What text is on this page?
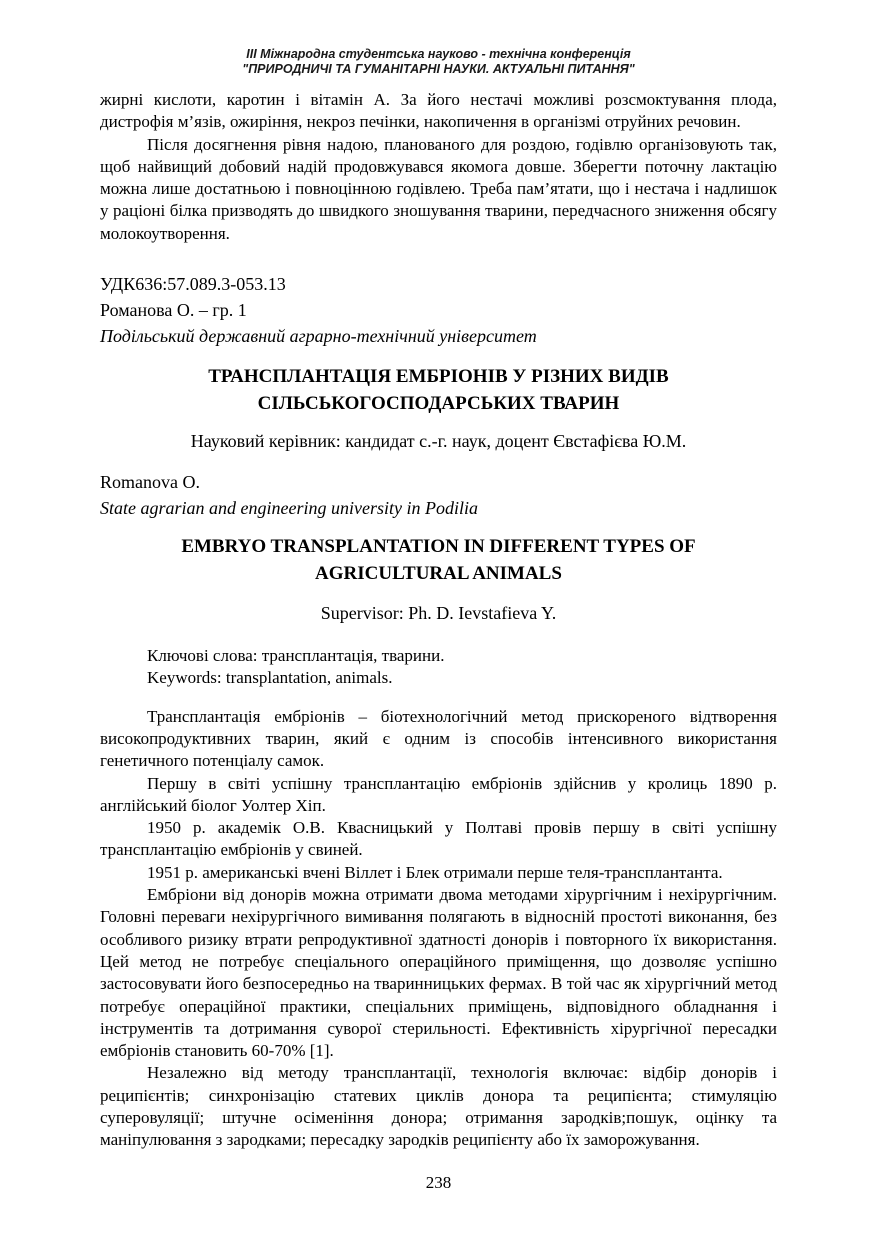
ІІІ Міжнародна студентська науково - технічна конференція
"ПРИРОДНИЧІ ТА ГУМАНІТАРНІ НАУКИ. АКТУАЛЬНІ ПИТАННЯ"

жирні кислоти, каротин і вітамін А. За його нестачі можливі розсмоктування плода, дистрофія м’язів, ожиріння, некроз печінки, накопичення в організмі отруйних речовин.

Після досягнення рівня надою, планованого для роздою, годівлю організовують так, щоб найвищий добовий надій продовжувався якомога довше. Зберегти поточну лактацію можна лише достатньою і повноцінною годівлею. Треба пам’ятати, що і нестача і надлишок у раціоні білка призводять до швидкого зношування тварини, передчасного зниження обсягу молокоутворення.

УДК636:57.089.3-053.13
Романова О. – гр. 1
Подільський державний аграрно-технічний університет
ТРАНСПЛАНТАЦІЯ ЕМБРІОНІВ У РІЗНИХ ВИДІВ
СІЛЬСЬКОГОСПОДАРСЬКИХ ТВАРИН
Науковий керівник: кандидат с.-г. наук, доцент Євстафієва Ю.М.
Romanova O.
State agrarian and engineering university in Podilia
EMBRYO TRANSPLANTATION IN DIFFERENT TYPES OF
AGRICULTURAL ANIMALS
Supervisor: Ph. D. Ievstafieva Y.
Ключові слова: трансплантація, тварини.
Keywords: transplantation, animals.

Трансплантація ембріонів – біотехнологічний метод прискореного відтворення високопродуктивних тварин, який є одним із способів інтенсивного використання генетичного потенціалу самок.

Першу в світі успішну трансплантацію ембріонів здійснив у кролиць 1890 р. англійський біолог Уолтер Хіп.

1950 р. академік О.В. Квасницький у Полтаві провів першу в світі успішну трансплантацію ембріонів у свиней.

1951 р. американські вчені Віллет і Блек отримали перше теля-трансплантанта.

Ембріони від донорів можна отримати двома методами хірургічним і нехірургічним. Головні переваги нехірургічного вимивання полягають в відносній простоті виконання, без особливого ризику втрати репродуктивної здатності донорів і повторного їх використання. Цей метод не потребує спеціального операційного приміщення, що дозволяє успішно застосовувати його безпосередньо на тваринницьких фермах. В той час як хірургічний метод потребує операційної практики, спеціальних приміщень, відповідного обладнання і інструментів та дотримання суворої стерильності. Ефективність хірургічної пересадки ембріонів становить 60-70% [1].

Незалежно від методу трансплантації, технологія включає: відбір донорів і реципієнтів; синхронізацію статевих циклів донора та реципієнта; стимуляцію суперовуляції; штучне осіменіння донора; отримання зародків;пошук, оцінку та маніпулювання з зародками; пересадку зародків реципієнту або їх заморожування.

238
